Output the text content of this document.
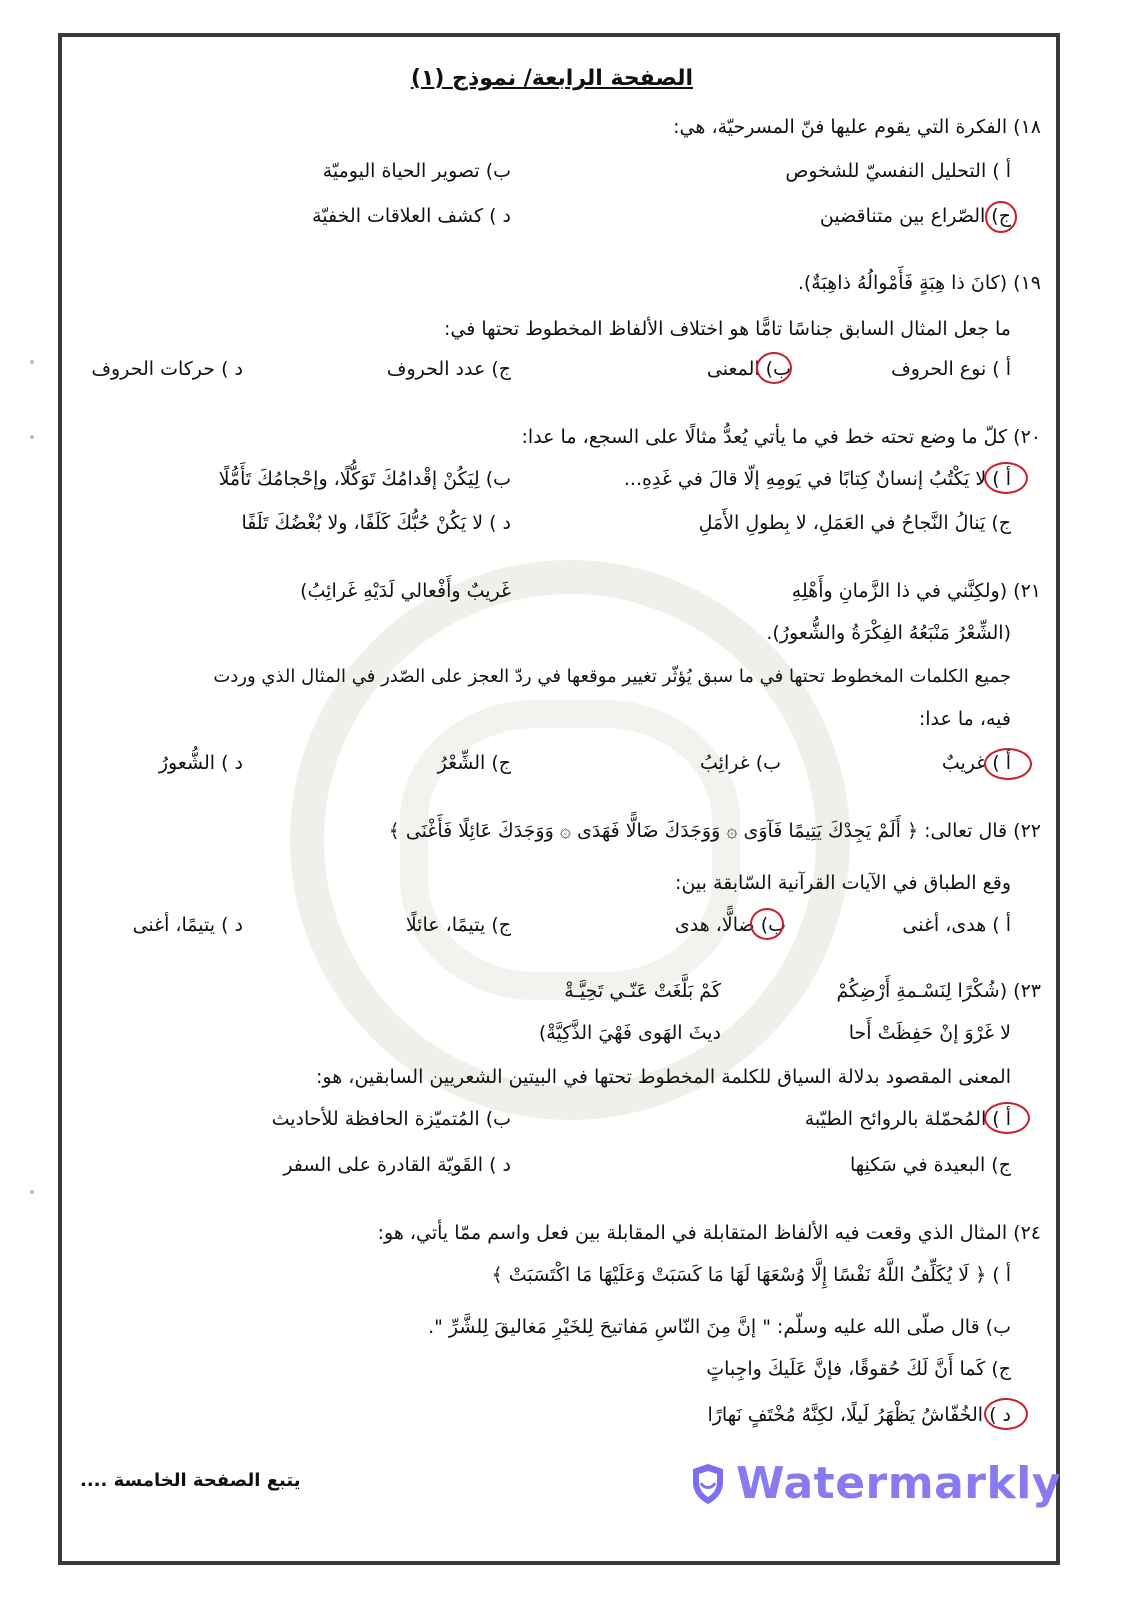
الصفحة الرابعة/ نموذج (١)
١٨) الفكرة التي يقوم عليها فنّ المسرحيّة، هي:
أ ) التحليل النفسيّ للشخوص
ب) تصوير الحياة اليوميّة
ج) الصّراع بين متناقضين
د ) كشف العلاقات الخفيّة
١٩) (كانَ ذا هِبَةٍ فَأَمْوالُهُ ذاهِبَةٌ).
ما جعل المثال السابق جناسًا تامًّا هو اختلاف الألفاظ المخطوط تحتها في:
أ ) نوع الحروف
ب) المعنى
ج) عدد الحروف
د ) حركات الحروف
٢٠) كلّ ما وضع تحته خط في ما يأتي يُعدُّ مثالًا على السجع، ما عدا:
أ ) لا يَكْتُبُ إنسانٌ كِتابًا في يَومِهِ إلّا قالَ في غَدِهِ...
ب) لِيَكُنْ إقْدامُكَ تَوَكُّلًا، وإحْجامُكَ تَأَمُّلًا
ج) يَنالُ النَّجاحُ في العَمَلِ، لا بِطولِ الأَمَلِ
د ) لا يَكُنْ حُبُّكَ كَلَفًا، ولا بُغْضُكَ تَلَفًا
٢١) (ولكِنَّني في ذا الزَّمانِ وأَهْلِهِ
غَريبٌ وأَفْعالي لَدَيْهِ غَرائِبُ)
(الشِّعْرُ مَنْبَعُهُ الفِكْرَةُ والشُّعورُ).
جميع الكلمات المخطوط تحتها في ما سبق يُؤثّر تغيير موقعها في ردّ العجز على الصّدر في المثال الذي وردت
فيه، ما عدا:
أ ) غريبٌ
ب) غرائِبُ
ج) الشِّعْرُ
د ) الشُّعورُ
٢٢) قال تعالى: ﴿ أَلَمْ يَجِدْكَ يَتِيمًا فَآوَى ۞ وَوَجَدَكَ ضَالًّا فَهَدَى ۞ وَوَجَدَكَ عَائِلًا فَأَغْنَى ﴾
وقع الطباق في الآيات القرآنية السّابقة بين:
أ ) هدى، أغنى
ب) ضالًّا، هدى
ج) يتيمًا، عائلًا
د ) يتيمًا، أغنى
٢٣) (شُكْرًا لِنَسْـمةِ أَرْضِكُمْ
كَمْ بَلَّغَتْ عَنّـي تَحِيَّـةْ
لا غَرْوَ إنْ حَفِظَتْ أَحا
ديثَ الهَوى فَهْيَ الذَّكِيَّةْ)
المعنى المقصود بدلالة السياق للكلمة المخطوط تحتها في البيتين الشعريين السابقين، هو:
أ ) المُحمّلة بالروائح الطيّبة
ب) المُتميّزة الحافظة للأحاديث
ج) البعيدة في سَكنِها
د ) القَويّة القادرة على السفر
٢٤) المثال الذي وقعت فيه الألفاظ المتقابلة في المقابلة بين فعل واسم ممّا يأتي، هو:
أ ) ﴿ لَا يُكَلِّفُ اللَّهُ نَفْسًا إِلَّا وُسْعَهَا لَهَا مَا كَسَبَتْ وَعَلَيْهَا مَا اكْتَسَبَتْ ﴾
ب) قال صلّى الله عليه وسلّم: " إنَّ مِنَ النّاسِ مَفاتيحَ لِلخَيْرِ مَغاليقَ لِلشَّرِّ ".
ج) كَما أَنَّ لَكَ حُقوقًا، فإنَّ عَلَيكَ واجِباتٍ
د ) الخُفّاشُ يَظْهَرُ لَيلًا، لكِنَّهُ مُخْتَفٍ نَهارًا
يتبع الصفحة الخامسة ....	Watermarkly
